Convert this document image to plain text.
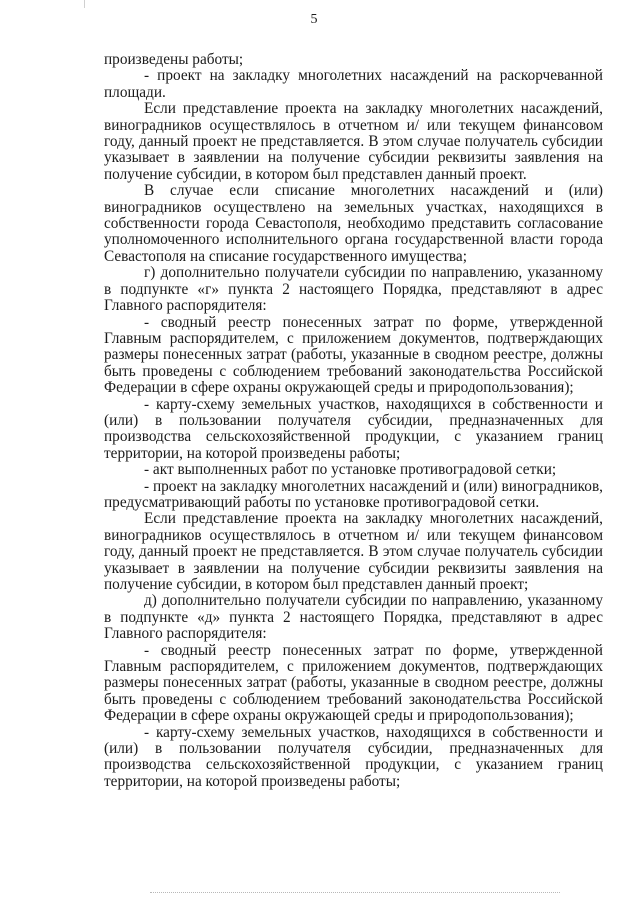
5

произведены работы;

- проект на закладку многолетних насаждений на раскорчеванной площади.

Если представление проекта на закладку многолетних насаждений, виноградников осуществлялось в отчетном и/ или текущем финансовом году, данный проект не представляется. В этом случае получатель субсидии указывает в заявлении на получение субсидии реквизиты заявления на получение субсидии, в котором был представлен данный проект.

В случае если списание многолетних насаждений и (или) виноградников осуществлено на земельных участках, находящихся в собственности города Севастополя, необходимо представить согласование уполномоченного исполнительного органа государственной власти города Севастополя на списание государственного имущества;

г) дополнительно получатели субсидии по направлению, указанному в подпункте «г» пункта 2 настоящего Порядка, представляют в адрес Главного распорядителя:

- сводный реестр понесенных затрат по форме, утвержденной Главным распорядителем, с приложением документов, подтверждающих размеры понесенных затрат (работы, указанные в сводном реестре, должны быть проведены с соблюдением требований законодательства Российской Федерации в сфере охраны окружающей среды и природопользования);

- карту-схему земельных участков, находящихся в собственности и (или) в пользовании получателя субсидии, предназначенных для производства сельскохозяйственной продукции, с указанием границ территории, на которой произведены работы;

- акт выполненных работ по установке противоградовой сетки;

- проект на закладку многолетних насаждений и (или) виноградников, предусматривающий работы по установке противоградовой сетки.

Если представление проекта на закладку многолетних насаждений, виноградников осуществлялось в отчетном и/ или текущем финансовом году, данный проект не представляется. В этом случае получатель субсидии указывает в заявлении на получение субсидии реквизиты заявления на получение субсидии, в котором был представлен данный проект;

д) дополнительно получатели субсидии по направлению, указанному в подпункте «д» пункта 2 настоящего Порядка, представляют в адрес Главного распорядителя:

- сводный реестр понесенных затрат по форме, утвержденной Главным распорядителем, с приложением документов, подтверждающих размеры понесенных затрат (работы, указанные в сводном реестре, должны быть проведены с соблюдением требований законодательства Российской Федерации в сфере охраны окружающей среды и природопользования);

- карту-схему земельных участков, находящихся в собственности и (или) в пользовании получателя субсидии, предназначенных для производства сельскохозяйственной продукции, с указанием границ территории, на которой произведены работы;
